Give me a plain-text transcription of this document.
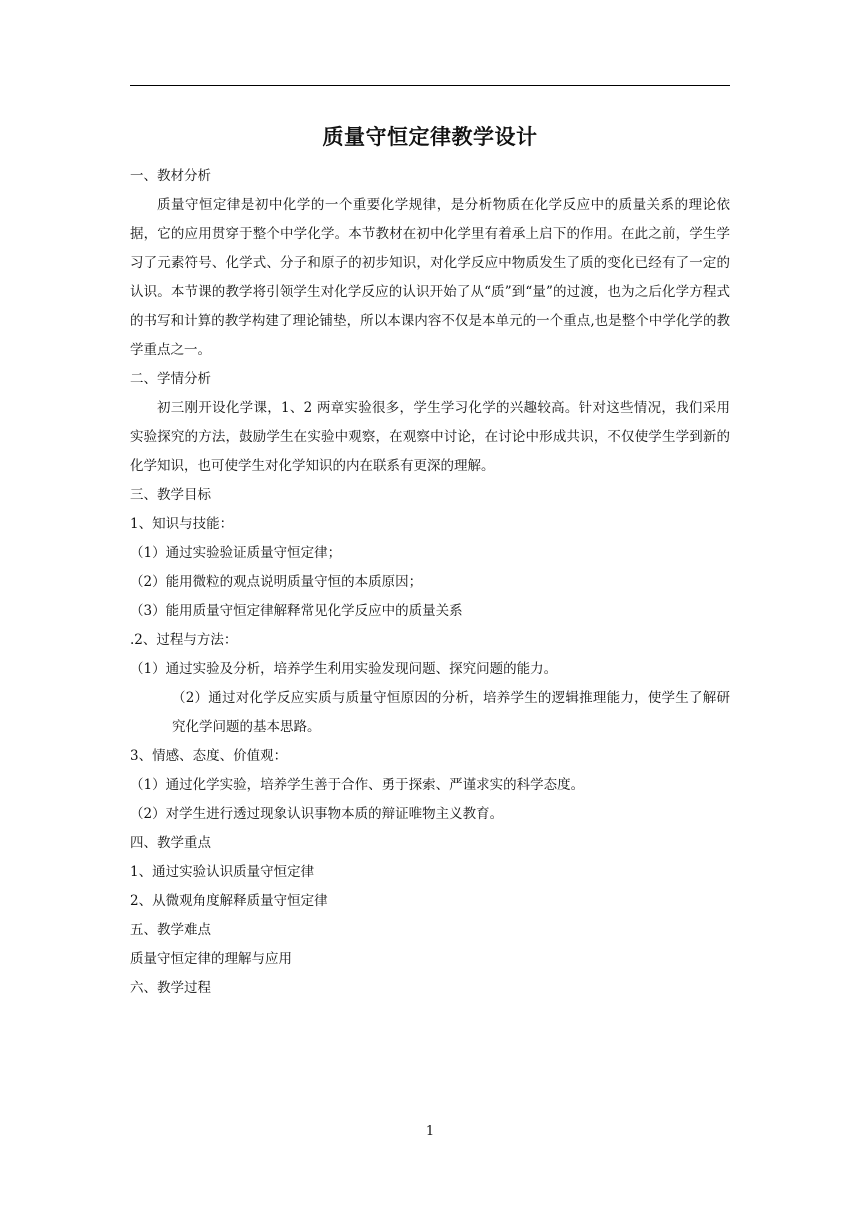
质量守恒定律教学设计
一、教材分析
质量守恒定律是初中化学的一个重要化学规律，是分析物质在化学反应中的质量关系的理论依据，它的应用贯穿于整个中学化学。本节教材在初中化学里有着承上启下的作用。在此之前，学生学习了元素符号、化学式、分子和原子的初步知识，对化学反应中物质发生了质的变化已经有了一定的认识。本节课的教学将引领学生对化学反应的认识开始了从“质”到“量”的过渡，也为之后化学方程式的书写和计算的教学构建了理论铺垫，所以本课内容不仅是本单元的一个重点,也是整个中学化学的教学重点之一。
二、学情分析
初三刚开设化学课，1、2 两章实验很多，学生学习化学的兴趣较高。针对这些情况，我们采用实验探究的方法，鼓励学生在实验中观察，在观察中讨论，在讨论中形成共识，不仅使学生学到新的化学知识，也可使学生对化学知识的内在联系有更深的理解。
三、教学目标
1、知识与技能：
（1）通过实验验证质量守恒定律；
（2）能用微粒的观点说明质量守恒的本质原因；
（3）能用质量守恒定律解释常见化学反应中的质量关系
.2、过程与方法：
（1）通过实验及分析，培养学生利用实验发现问题、探究问题的能力。
（2）通过对化学反应实质与质量守恒原因的分析，培养学生的逻辑推理能力，使学生了解研究化学问题的基本思路。
3、情感、态度、价值观：
（1）通过化学实验，培养学生善于合作、勇于探索、严谨求实的科学态度。
（2）对学生进行透过现象认识事物本质的辩证唯物主义教育。
四、教学重点
1、通过实验认识质量守恒定律
2、从微观角度解释质量守恒定律
五、教学难点
质量守恒定律的理解与应用
六、教学过程
1
